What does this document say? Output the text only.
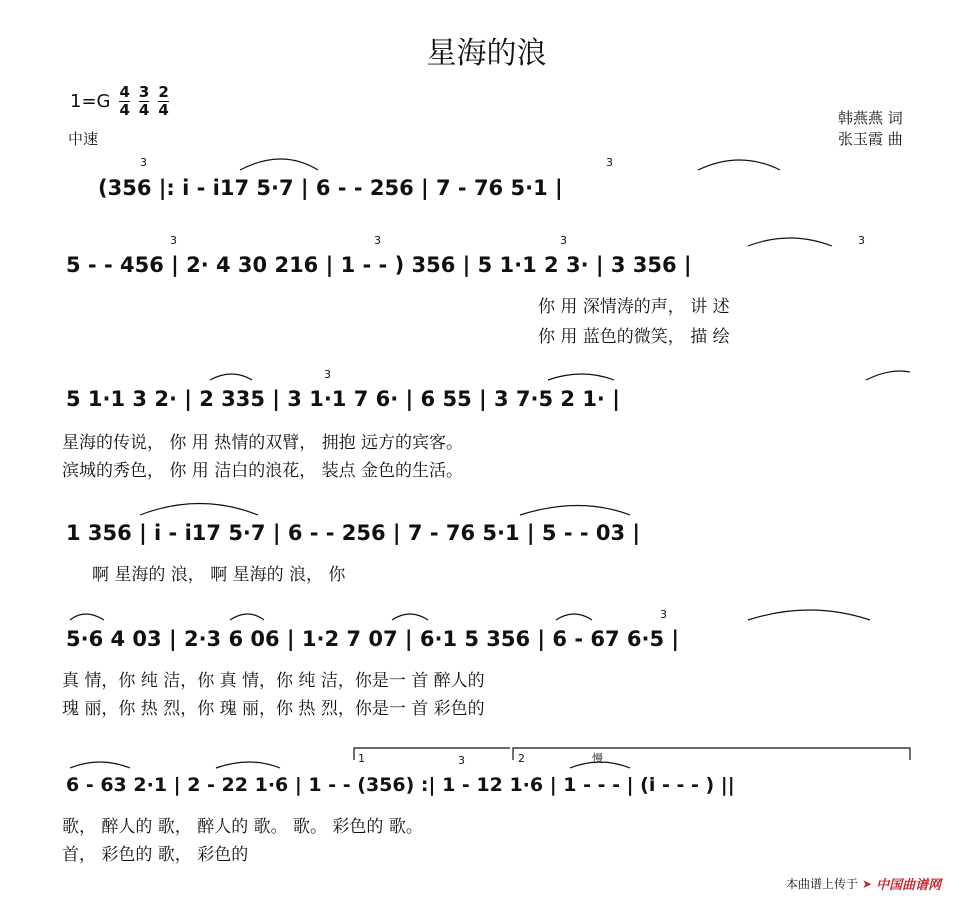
星海的浪
$1=G \frac{4}{4} \frac{3}{4} \frac{2}{4}$
中速
韩燕燕 词
张玉霞 曲
(356 |: i - i17 5·7 | 6 - - 256 | 7 - 76 5·1 |
5 - - 456 | 2· 4 30 216 | 1 - - ) 356 | 5 1·1 2 3· | 3 356 |
你 用 深情涛的声， 讲 述
你 用 蓝色的微笑， 描 绘
5 1·1 3 2· | 2 335 | 3 1·1 7 6· | 6 55 | 3 7·5 2 1· |
星海的传说， 你 用 热情的双臂， 拥抱 远方的宾客。
滨城的秀色， 你 用 洁白的浪花， 装点 金色的生活。
1 356 | i - i17 5·7 | 6 - - 256 | 7 - 76 5·1 | 5 - - 03 |
啊 星海的 浪， 啊 星海的 浪， 你
5·6 4 03 | 2·3 6 06 | 1·2 7 07 | 6·1 5 356 | 6 - 67 6·5 |
真 情，你 纯 洁，你 真 情，你 纯 洁，你是一 首 醉人的
瑰 丽，你 热 烈，你 瑰 丽，你 热 烈，你是一 首 彩色的
6 - 63 2·1 | 2 - 22 1·6 | 1 - - (356) :| 1 - 12 1·6 | 1 - - - | (i - - - ) ||
歌， 醉人的 歌， 醉人的 歌。 歌。 彩色的 歌。
首， 彩色的 歌， 彩色的
3	3
3	3	3	3
3
3
3
1	2	慢
本曲谱上传于 ➤ 中国曲谱网
